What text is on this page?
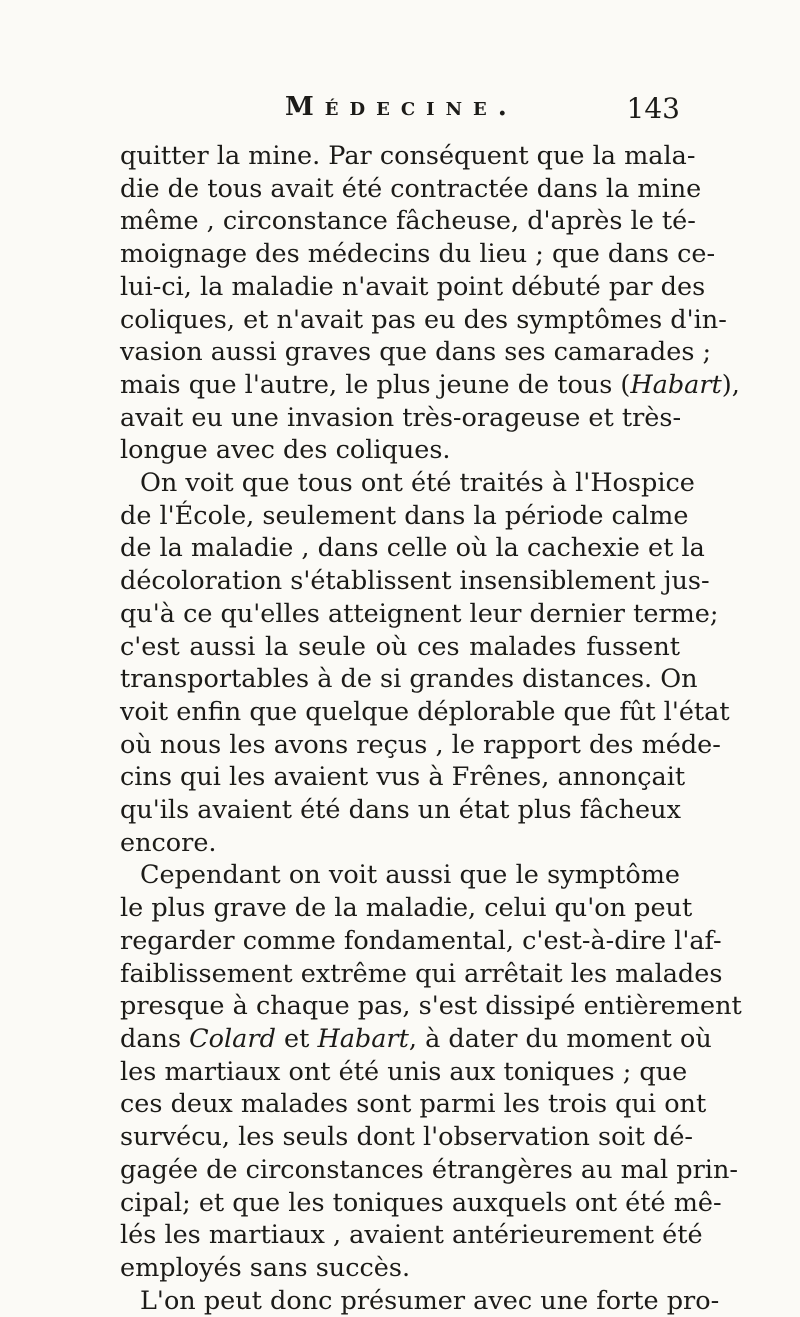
Médecine.	143
quitter la mine. Par conséquent que la mala-
die de tous avait été contractée dans la mine
même , circonstance fâcheuse, d'après le té-
moignage des médecins du lieu ; que dans ce-
lui-ci, la maladie n'avait point débuté par des
coliques, et n'avait pas eu des symptômes d'in-
vasion aussi graves que dans ses camarades ;
mais que l'autre, le plus jeune de tous (Habart),
avait eu une invasion très-orageuse et très-
longue avec des coliques.
On voit que tous ont été traités à l'Hospice
de l'École, seulement dans la période calme
de la maladie , dans celle où la cachexie et la
décoloration s'établissent insensiblement jus-
qu'à ce qu'elles atteignent leur dernier terme;
c'est aussi la seule où ces malades fussent
transportables à de si grandes distances. On
voit enfin que quelque déplorable que fût l'état
où nous les avons reçus , le rapport des méde-
cins qui les avaient vus à Frênes, annonçait
qu'ils avaient été dans un état plus fâcheux
encore.
Cependant on voit aussi que le symptôme
le plus grave de la maladie, celui qu'on peut
regarder comme fondamental, c'est-à-dire l'af-
faiblissement extrême qui arrêtait les malades
presque à chaque pas, s'est dissipé entièrement
dans Colard et Habart, à dater du moment où
les martiaux ont été unis aux toniques ; que
ces deux malades sont parmi les trois qui ont
survécu, les seuls dont l'observation soit dé-
gagée de circonstances étrangères au mal prin-
cipal; et que les toniques auxquels ont été mê-
lés les martiaux , avaient antérieurement été
employés sans succès.
L'on peut donc présumer avec une forte pro-
